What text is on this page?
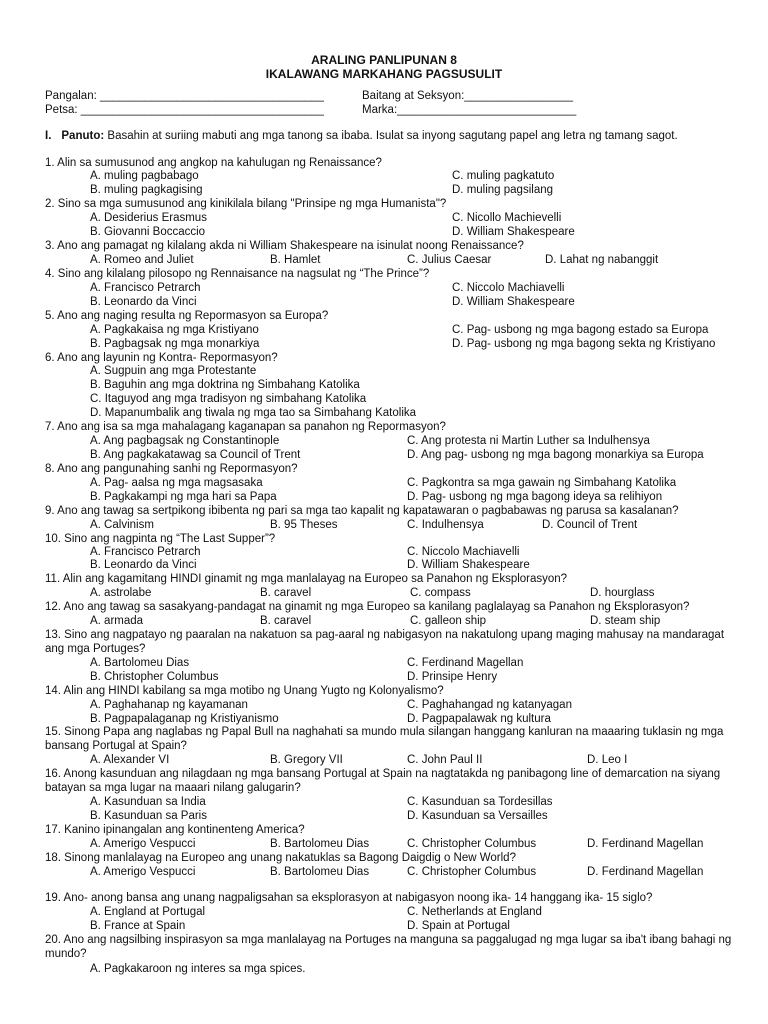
ARALING PANLIPUNAN 8
IKALAWANG MARKAHANG PAGSUSULIT
Pangalan: ___________________________________
Petsa: ______________________________________
Baitang at Seksyon:_________________
Marka:____________________________
I. Panuto: Basahin at suriing mabuti ang mga tanong sa ibaba. Isulat sa inyong sagutang papel ang letra ng tamang sagot.
1. Alin sa sumusunod ang angkop na kahulugan ng Renaissance?
A. muling pagbabago	C. muling pagkatuto
B. muling pagkagising	D. muling pagsilang
2. Sino sa mga sumusunod ang kinikilala bilang "Prinsipe ng mga Humanista"?
A. Desiderius Erasmus	C. Nicollo Machievelli
B. Giovanni Boccaccio	D. William Shakespeare
3. Ano ang pamagat ng kilalang akda ni William Shakespeare na isinulat noong Renaissance?
A. Romeo and Juliet	B. Hamlet	C. Julius Caesar	D. Lahat ng nabanggit
4. Sino ang kilalang pilosopo ng Rennaisance na nagsulat ng “The Prince”?
A. Francisco Petrarch	C. Niccolo Machiavelli
B. Leonardo da Vinci	D. William Shakespeare
5. Ano ang naging resulta ng Repormasyon sa Europa?
A. Pagkakaisa ng mga Kristiyano	C. Pag- usbong ng mga bagong estado sa Europa
B. Pagbagsak ng mga monarkiya	D. Pag- usbong ng mga bagong sekta ng Kristiyano
6. Ano ang layunin ng Kontra- Repormasyon?
A. Sugpuin ang mga Protestante
B. Baguhin ang mga doktrina ng Simbahang Katolika
C. Itaguyod ang mga tradisyon ng simbahang Katolika
D. Mapanumbalik ang tiwala ng mga tao sa Simbahang Katolika
7. Ano ang isa sa mga mahalagang kaganapan sa panahon ng Repormasyon?
A. Ang pagbagsak ng Constantinople	C. Ang protesta ni Martin Luther sa Indulhensya
B. Ang pagkakatawag sa Council of Trent	D. Ang pag- usbong ng mga bagong monarkiya sa Europa
8. Ano ang pangunahing sanhi ng Repormasyon?
A. Pag- aalsa ng mga magsasaka	C. Pagkontra sa mga gawain ng Simbahang Katolika
B. Pagkakampi ng mga hari sa Papa	D. Pag- usbong ng mga bagong ideya sa relihiyon
9. Ano ang tawag sa sertpikong ibibenta ng pari sa mga tao kapalit ng kapatawaran o pagbabawas ng parusa sa kasalanan?
A. Calvinism	B. 95 Theses	C. Indulhensya	D. Council of Trent
10. Sino ang nagpinta ng “The Last Supper”?
A. Francisco Petrarch	C. Niccolo Machiavelli
B. Leonardo da Vinci	D. William Shakespeare
11. Alin ang kagamitang HINDI ginamit ng mga manlalayag na Europeo sa Panahon ng Eksplorasyon?
A. astrolabe	B. caravel	C. compass	D. hourglass
12. Ano ang tawag sa sasakyang-pandagat na ginamit ng mga Europeo sa kanilang paglalayag sa Panahon ng Eksplorasyon?
A. armada	B. caravel	C. galleon ship	D. steam ship
13. Sino ang nagpatayo ng paaralan na nakatuon sa pag-aaral ng nabigasyon na nakatulong upang maging mahusay na mandaragat
ang mga Portuges?
A. Bartolomeu Dias	C. Ferdinand Magellan
B. Christopher Columbus	D. Prinsipe Henry
14. Alin ang HINDI kabilang sa mga motibo ng Unang Yugto ng Kolonyalismo?
A. Paghahanap ng kayamanan	C. Paghahangad ng katanyagan
B. Pagpapalaganap ng Kristiyanismo	D. Pagpapalawak ng kultura
15. Sinong Papa ang naglabas ng Papal Bull na naghahati sa mundo mula silangan hanggang kanluran na maaaring tuklasin ng mga
bansang Portugal at Spain?
A. Alexander VI	B. Gregory VII	C. John Paul II	D. Leo I
16. Anong kasunduan ang nilagdaan ng mga bansang Portugal at Spain na nagtatakda ng panibagong line of demarcation na siyang
batayan sa mga lugar na maaari nilang galugarin?
A. Kasunduan sa India	C. Kasunduan sa Tordesillas
B. Kasunduan sa Paris	D. Kasunduan sa Versailles
17. Kanino ipinangalan ang kontinenteng America?
A. Amerigo Vespucci	B. Bartolomeu Dias	C. Christopher Columbus	D. Ferdinand Magellan
18. Sinong manlalayag na Europeo ang unang nakatuklas sa Bagong Daigdig o New World?
A. Amerigo Vespucci	B. Bartolomeu Dias	C. Christopher Columbus	D. Ferdinand Magellan
19. Ano- anong bansa ang unang nagpaligsahan sa eksplorasyon at nabigasyon noong ika- 14 hanggang ika- 15 siglo?
A. England at Portugal	C. Netherlands at England
B. France at Spain	D. Spain at Portugal
20. Ano ang nagsilbing inspirasyon sa mga manlalayag na Portuges na manguna sa paggalugad ng mga lugar sa iba't ibang bahagi ng
mundo?
A. Pagkakaroon ng interes sa mga spices.
